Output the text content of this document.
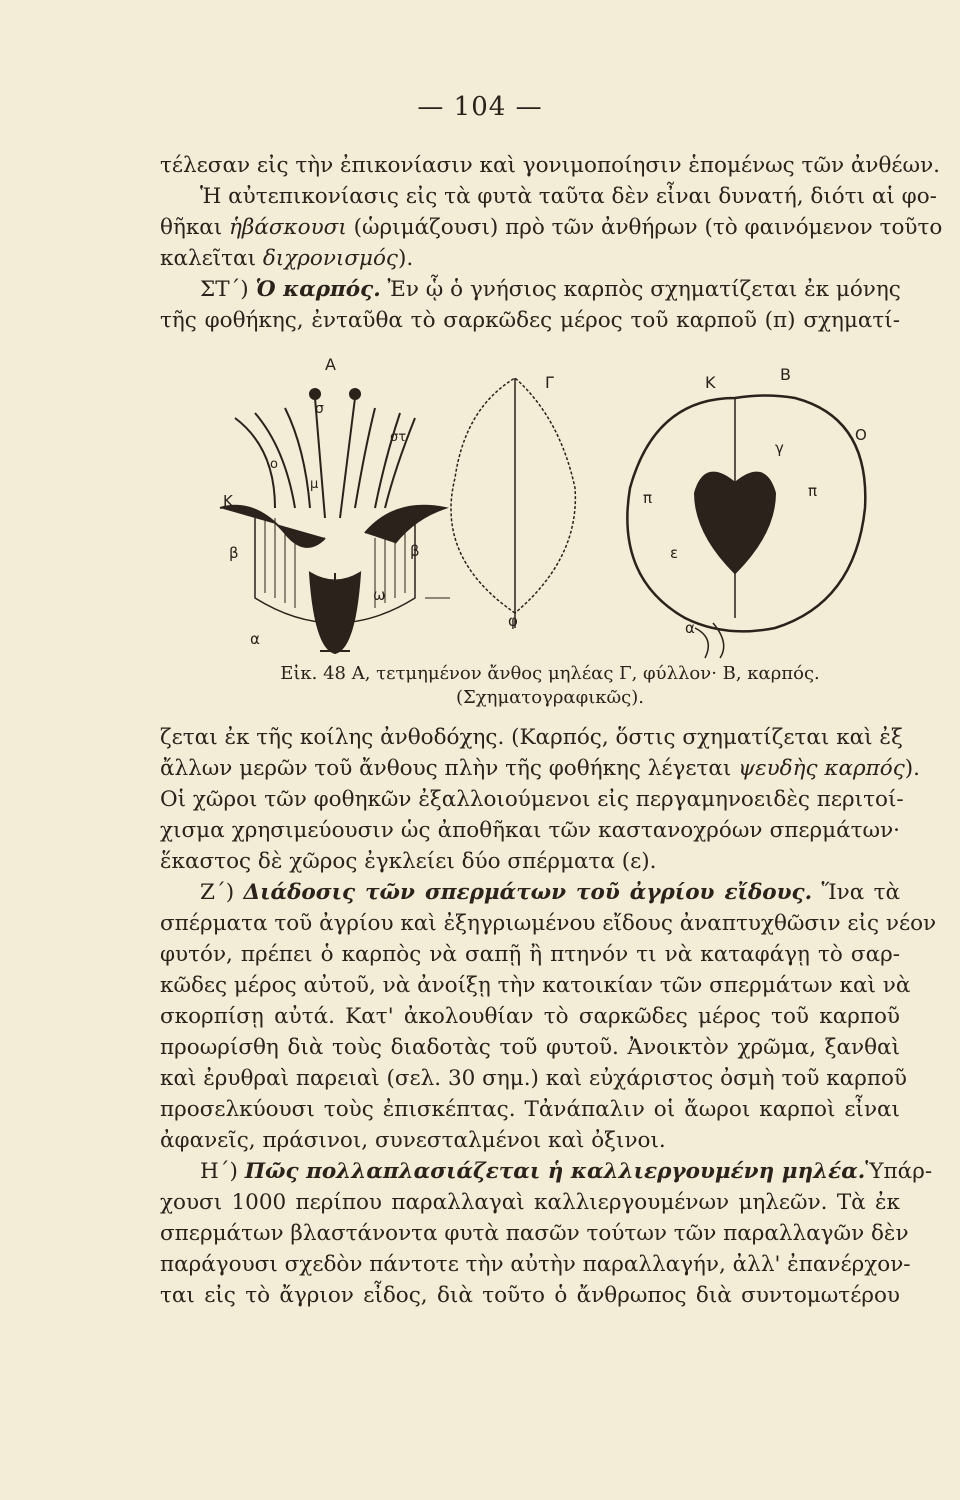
— 104 —
τέλεσαν εἰς τὴν ἐπικονίασιν καὶ γονιμοποίησιν ἑπομένως τῶν ἀνθέων.
Ἡ αὐτεπικονίασις εἰς τὰ φυτὰ ταῦτα δὲν εἶναι δυνατή, διότι αἱ φο-
θῆκαι ἡβάσκουσι (ὡριμάζουσι) πρὸ τῶν ἀνθήρων (τὸ φαινόμενον τοῦτο
καλεῖται διχρονισμός).
ΣΤ΄) Ὁ καρπός. Ἐν ᾧ ὁ γνήσιος καρπὸς σχηματίζεται ἐκ μόνης
τῆς φοθήκης, ἐνταῦθα τὸ σαρκῶδες μέρος τοῦ καρποῦ (π) σχηματί-
Α
Γ	Κ	Β
σ
στ
ο
μ
Κ
β	β
ω
α
φ
Ο
γ
π	π
ε
α
Εἰκ. 48 Α, τετμημένον ἄνθος μηλέας Γ, φύλλον· Β, καρπός.
(Σχηματογραφικῶς).
ζεται ἐκ τῆς κοίλης ἀνθοδόχης. (Καρπός, ὅστις σχηματίζεται καὶ ἐξ
ἄλλων μερῶν τοῦ ἄνθους πλὴν τῆς φοθήκης λέγεται ψευδὴς καρπός).
Οἱ χῶροι τῶν φοθηκῶν ἐξαλλοιούμενοι εἰς περγαμηνοειδὲς περιτοί-
χισμα χρησιμεύουσιν ὡς ἀποθῆκαι τῶν καστανοχρόων σπερμάτων·
ἕκαστος δὲ χῶρος ἐγκλείει δύο σπέρματα (ε).
Ζ΄) Διάδοσις τῶν σπερμάτων τοῦ ἀγρίου εἴδους. Ἵνα τὰ
σπέρματα τοῦ ἀγρίου καὶ ἐξηγριωμένου εἴδους ἀναπτυχθῶσιν εἰς νέον
φυτόν, πρέπει ὁ καρπὸς νὰ σαπῇ ἢ πτηνόν τι νὰ καταφάγῃ τὸ σαρ-
κῶδες μέρος αὐτοῦ, νὰ ἀνοίξῃ τὴν κατοικίαν τῶν σπερμάτων καὶ νὰ
σκορπίσῃ αὐτά. Κατ' ἀκολουθίαν τὸ σαρκῶδες μέρος τοῦ καρποῦ
προωρίσθη διὰ τοὺς διαδοτὰς τοῦ φυτοῦ. Ἀνοικτὸν χρῶμα, ξανθαὶ
καὶ ἐρυθραὶ παρειαὶ (σελ. 30 σημ.) καὶ εὐχάριστος ὀσμὴ τοῦ καρποῦ
προσελκύουσι τοὺς ἐπισκέπτας. Τἀνάπαλιν οἱ ἄωροι καρποὶ εἶναι
ἀφανεῖς, πράσινοι, συνεσταλμένοι καὶ ὀξινοι.
Η΄) Πῶς πολλαπλασιάζεται ἡ καλλιεργουμένη μηλέα.Ὑπάρ-
χουσι 1000 περίπου παραλλαγαὶ καλλιεργουμένων μηλεῶν. Τὰ ἐκ
σπερμάτων βλαστάνοντα φυτὰ πασῶν τούτων τῶν παραλλαγῶν δὲν
παράγουσι σχεδὸν πάντοτε τὴν αὐτὴν παραλλαγήν, ἀλλ' ἐπανέρχον-
ται εἰς τὸ ἄγριον εἶδος, διὰ τοῦτο ὁ ἄνθρωπος διὰ συντομωτέρου
